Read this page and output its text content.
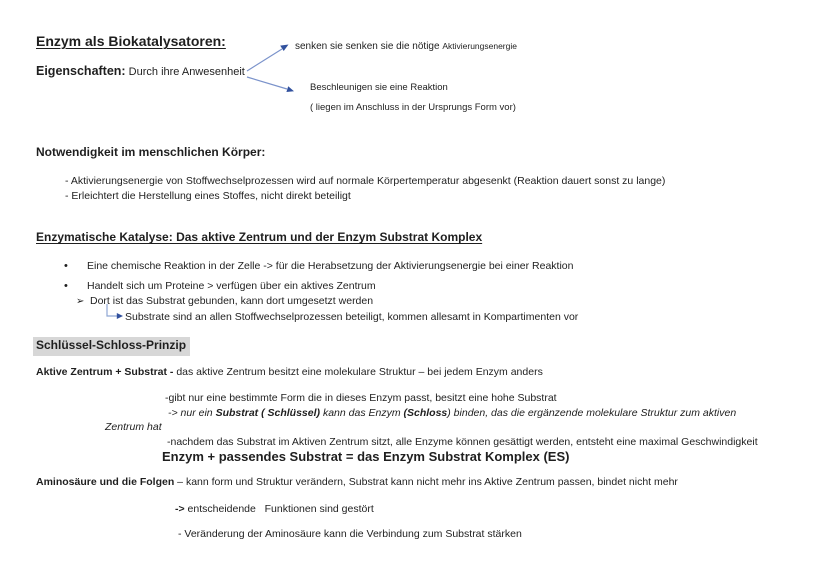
Enzym als Biokatalysatoren:
Eigenschaften: Durch ihre Anwesenheit
senken sie senken sie die nötige Aktivierungsenergie
Beschleunigen sie eine Reaktion
( liegen im Anschluss in der Ursprungs Form vor)
Notwendigkeit im menschlichen Körper:
- Aktivierungsenergie von Stoffwechselprozessen wird auf normale Körpertemperatur abgesenkt (Reaktion dauert sonst zu lange)
- Erleichtert die Herstellung eines Stoffes, nicht direkt beteiligt
Enzymatische Katalyse: Das aktive Zentrum und der Enzym Substrat Komplex
• Eine chemische Reaktion in der Zelle -> für die Herabsetzung der Aktivierungsenergie bei einer Reaktion
• Handelt sich um Proteine > verfügen über ein aktives Zentrum
➢ Dort ist das Substrat gebunden, kann dort umgesetzt werden
Substrate sind an allen Stoffwechselprozessen beteiligt, kommen allesamt in Kompartimenten vor
Schlüssel-Schloss-Prinzip
Aktive Zentrum + Substrat - das aktive Zentrum besitzt eine molekulare Struktur – bei jedem Enzym anders
-gibt nur eine bestimmte Form die in dieses Enzym passt, besitzt eine hohe Substrat
-> nur ein Substrat ( Schlüssel) kann das Enzym (Schloss) binden, das die ergänzende molekulare Struktur zum aktiven
Zentrum hat
-nachdem das Substrat im Aktiven Zentrum sitzt, alle Enzyme können gesättigt werden, entsteht eine maximal Geschwindigkeit
Enzym + passendes Substrat = das Enzym Substrat Komplex (ES)
Aminosäure und die Folgen – kann form und Struktur verändern, Substrat kann nicht mehr ins Aktive Zentrum passen, bindet nicht mehr
-> entscheidende   Funktionen sind gestört
- Veränderung der Aminosäure kann die Verbindung zum Substrat stärken
